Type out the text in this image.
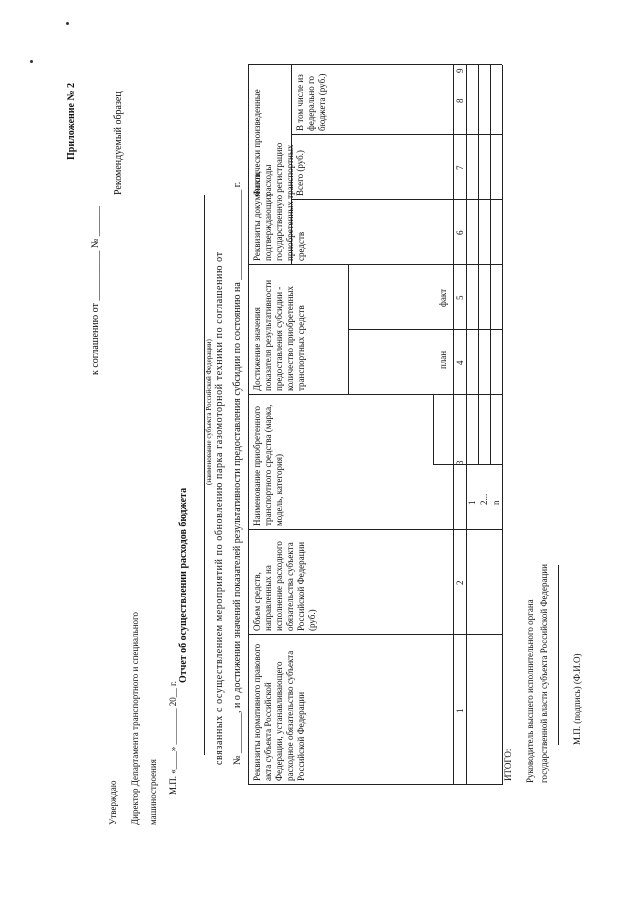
Утверждаю Директор Департамента транспортного и специального машиностроения М.П. «____» ________ 20__ г.
Приложение № 2
к соглашению от __________ № ______
Рекомендуемый образец
Отчет об осуществлении расходов бюджета
(наименование субъекта Российской Федерации) связанных с осуществлением мероприятий по обновлению парка газомоторной техники по соглашению от № ________, и о достижении значений показателей результативности предоставления субсидии по состоянию на __________________ г. Реквизиты нормативного правового акта субъекта Российской Федерации, устанавливающего расходное обязательство субъекта Российской Федерации
Объем средств, направленных на исполнение расходного обязательства субъекта Российской Федерации (руб.)
Наименование приобретенного транспортного средства (марка, модель, категория)
Достижение значения показателя результативности предоставления субсидии - количество приобретенных транспортных средств	план
факт
Реквизиты документов, подтверждающих государственную регистрацию приобретенных транспортных средств
Фактически произведенные расходы Всего (руб.)
В том числе из федерально го бюджета (руб.)
1
2
3
4
5
6
7
8
9
1 2... n
ИТОГО: Руководитель высшего исполнительного органа государственной власти субъекта Российской Федерации	М.П. (подпись) (Ф.И.О)
